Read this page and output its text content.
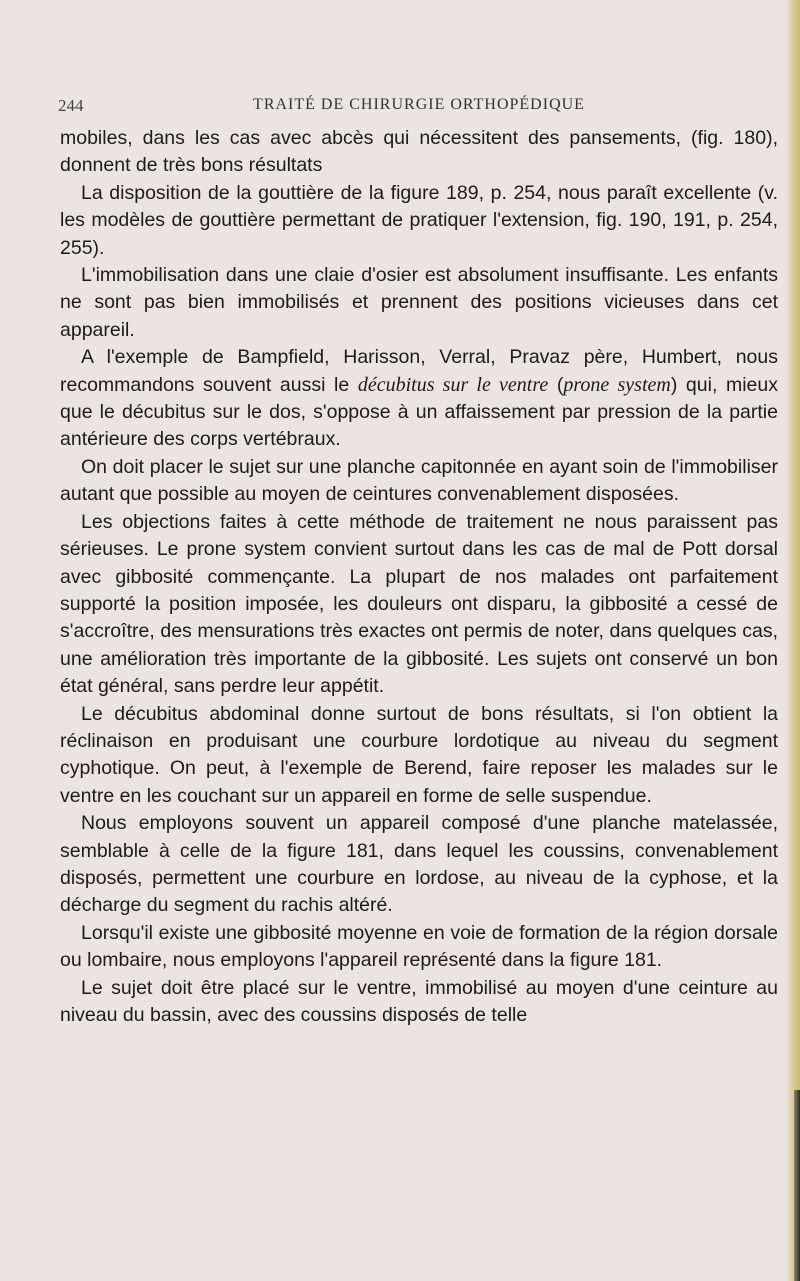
244	TRAITÉ DE CHIRURGIE ORTHOPÉDIQUE

mobiles, dans les cas avec abcès qui nécessitent des pansements, (fig. 180), donnent de très bons résultats

La disposition de la gouttière de la figure 189, p. 254, nous paraît excellente (v. les modèles de gouttière permettant de pratiquer l'extension, fig. 190, 191, p. 254, 255).

L'immobilisation dans une claie d'osier est absolument insuffisante. Les enfants ne sont pas bien immobilisés et prennent des positions vicieuses dans cet appareil.

A l'exemple de Bampfield, Harisson, Verral, Pravaz père, Humbert, nous recommandons souvent aussi le décubitus sur le ventre (prone system) qui, mieux que le décubitus sur le dos, s'oppose à un affaissement par pression de la partie antérieure des corps vertébraux.

On doit placer le sujet sur une planche capitonnée en ayant soin de l'immobiliser autant que possible au moyen de ceintures convenablement disposées.

Les objections faites à cette méthode de traitement ne nous paraissent pas sérieuses. Le prone system convient surtout dans les cas de mal de Pott dorsal avec gibbosité commençante. La plupart de nos malades ont parfaitement supporté la position imposée, les douleurs ont disparu, la gibbosité a cessé de s'accroître, des mensurations très exactes ont permis de noter, dans quelques cas, une amélioration très importante de la gibbosité. Les sujets ont conservé un bon état général, sans perdre leur appétit.

Le décubitus abdominal donne surtout de bons résultats, si l'on obtient la réclinaison en produisant une courbure lordotique au niveau du segment cyphotique. On peut, à l'exemple de Berend, faire reposer les malades sur le ventre en les couchant sur un appareil en forme de selle suspendue.

Nous employons souvent un appareil composé d'une planche matelassée, semblable à celle de la figure 181, dans lequel les coussins, convenablement disposés, permettent une courbure en lordose, au niveau de la cyphose, et la décharge du segment du rachis altéré.

Lorsqu'il existe une gibbosité moyenne en voie de formation de la région dorsale ou lombaire, nous employons l'appareil représenté dans la figure 181.

Le sujet doit être placé sur le ventre, immobilisé au moyen d'une ceinture au niveau du bassin, avec des coussins disposés de telle
